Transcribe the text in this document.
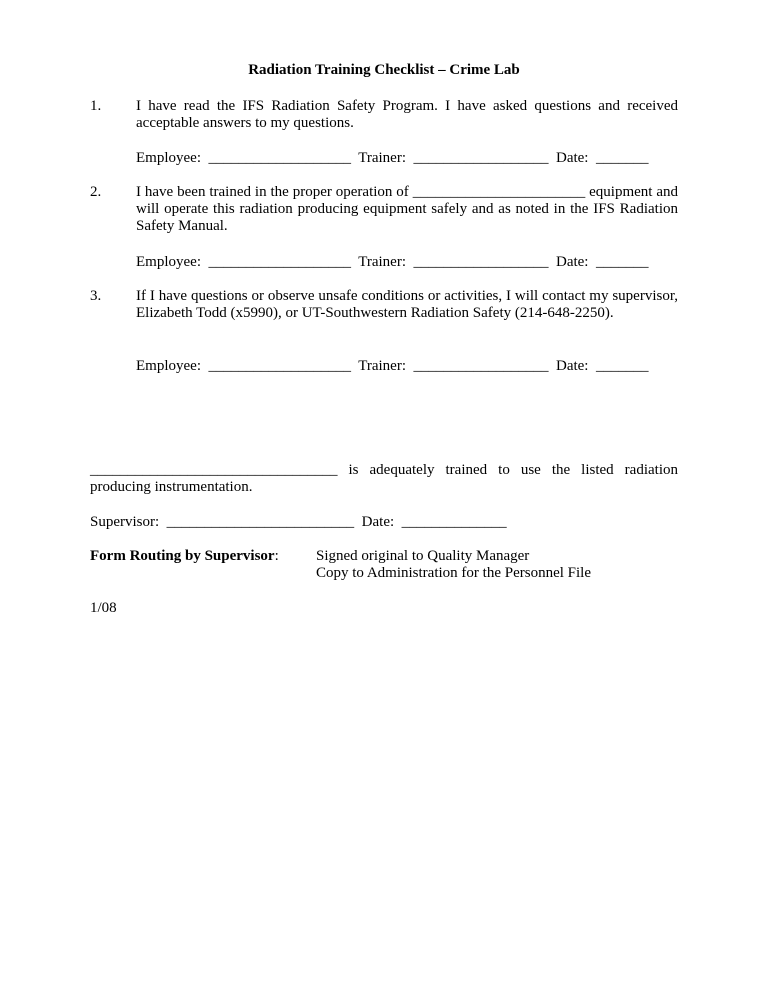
Radiation Training Checklist – Crime Lab
1. I have read the IFS Radiation Safety Program. I have asked questions and received acceptable answers to my questions.
Employee:  ___________________  Trainer:  __________________  Date:  _______
2. I have been trained in the proper operation of _______________________ equipment and will operate this radiation producing equipment safely and as noted in the IFS Radiation Safety Manual.
Employee:  ___________________  Trainer:  __________________  Date:  _______
3. If I have questions or observe unsafe conditions or activities, I will contact my supervisor, Elizabeth Todd (x5990), or UT-Southwestern Radiation Safety (214-648-2250).
Employee:  ___________________  Trainer:  __________________  Date:  _______
_________________________________ is adequately trained to use the listed radiation producing instrumentation.
Supervisor:  _________________________  Date:  ______________
Form Routing by Supervisor: Signed original to Quality Manager
Copy to Administration for the Personnel File
1/08
